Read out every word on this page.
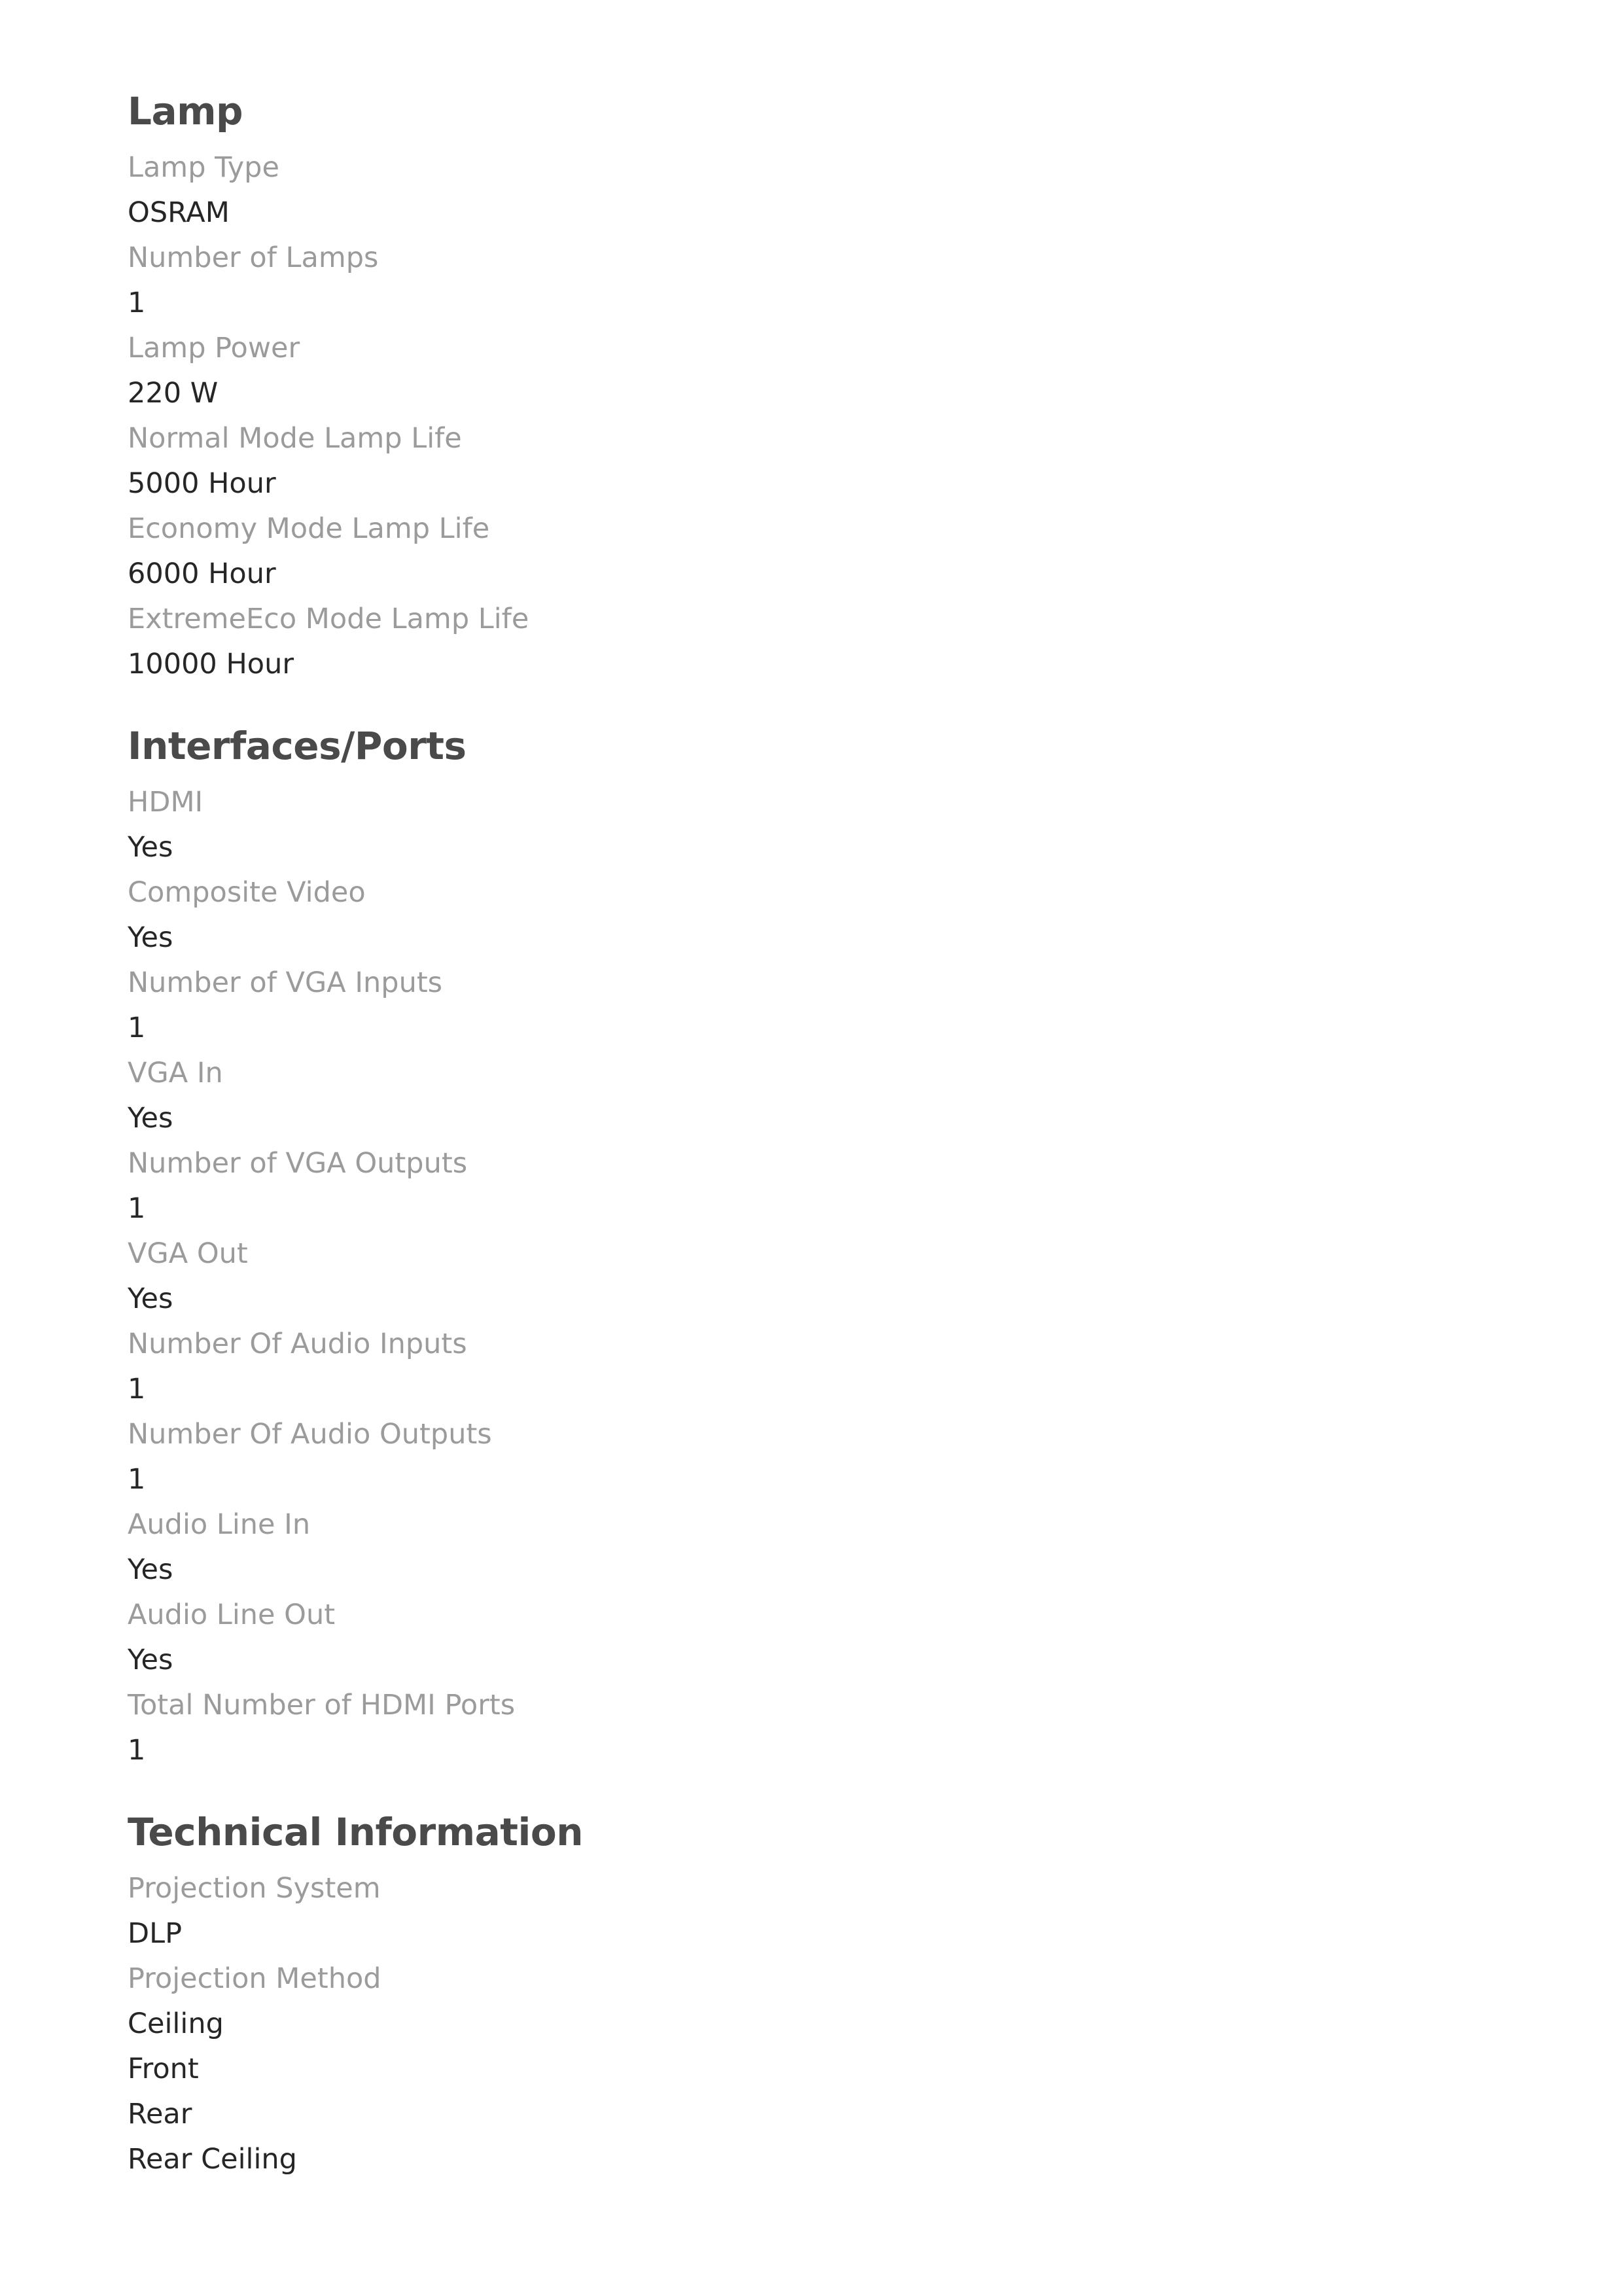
Lamp
Lamp Type
OSRAM
Number of Lamps
1
Lamp Power
220 W
Normal Mode Lamp Life
5000 Hour
Economy Mode Lamp Life
6000 Hour
ExtremeEco Mode Lamp Life
10000 Hour
Interfaces/Ports
HDMI
Yes
Composite Video
Yes
Number of VGA Inputs
1
VGA In
Yes
Number of VGA Outputs
1
VGA Out
Yes
Number Of Audio Inputs
1
Number Of Audio Outputs
1
Audio Line In
Yes
Audio Line Out
Yes
Total Number of HDMI Ports
1
Technical Information
Projection System
DLP
Projection Method
Ceiling
Front
Rear
Rear Ceiling
